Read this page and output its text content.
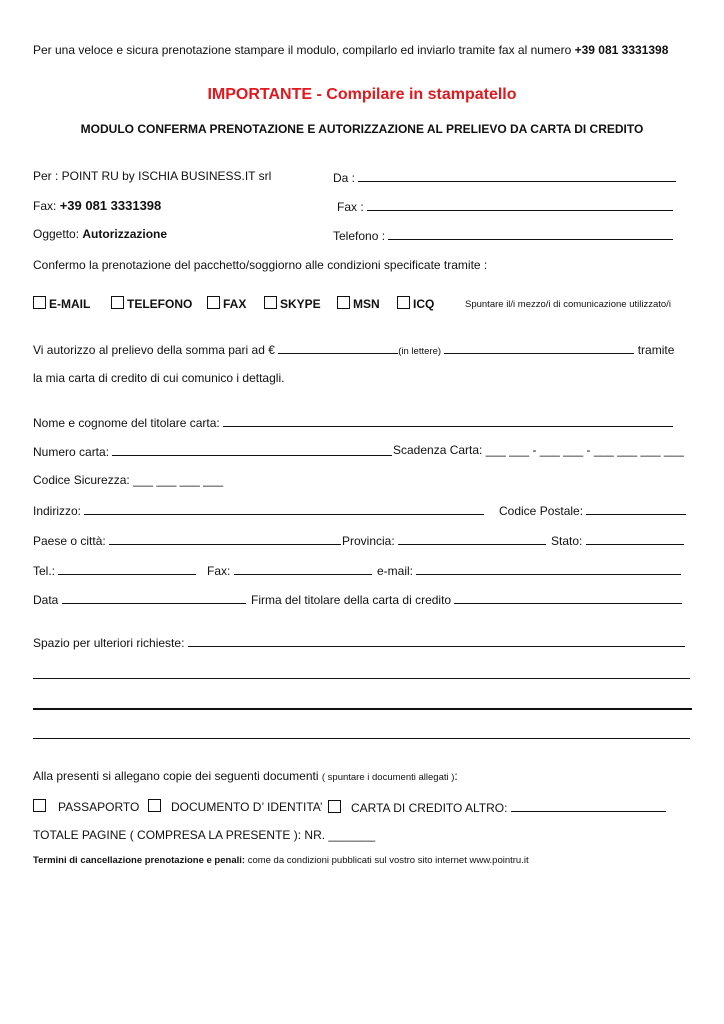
Per una veloce e sicura prenotazione stampare il modulo, compilarlo ed inviarlo tramite fax al numero +39 081 3331398
IMPORTANTE - Compilare in stampatello
MODULO CONFERMA PRENOTAZIONE E AUTORIZZAZIONE AL PRELIEVO DA CARTA DI CREDITO
Per : POINT RU by ISCHIA BUSINESS.IT srl	Da :
Fax: +39 081 3331398	Fax :
Oggetto: Autorizzazione	Telefono :
Confermo la prenotazione del pacchetto/soggiorno alle condizioni specificate tramite :
E-MAIL	TELEFONO	FAX	SKYPE	MSN	ICQ	Spuntare il/i mezzo/i di comunicazione utilizzato/i
Vi autorizzo al prelievo della somma pari ad €	(in lettere)	tramite
la mia carta di credito di cui comunico i dettagli.
Nome e cognome del titolare carta:
Numero carta:	Scadenza Carta: ___ ___ - ___ ___ - ___ ___ ___ ___
Codice Sicurezza: ___ ___ ___ ___
Indirizzo:	Codice Postale:
Paese o città:	Provincia:	Stato:
Tel.:	Fax:	e-mail:
Data	Firma del titolare della carta di credito
Spazio per ulteriori richieste:
Alla presenti si allegano copie dei seguenti documenti ( spuntare i documenti allegati ):
PASSAPORTO	DOCUMENTO D’ IDENTITA’	CARTA DI CREDITO ALTRO:
TOTALE PAGINE ( COMPRESA LA PRESENTE ): NR. _______
Termini di cancellazione prenotazione e penali: come da condizioni pubblicati sul vostro sito internet www.pointru.it
